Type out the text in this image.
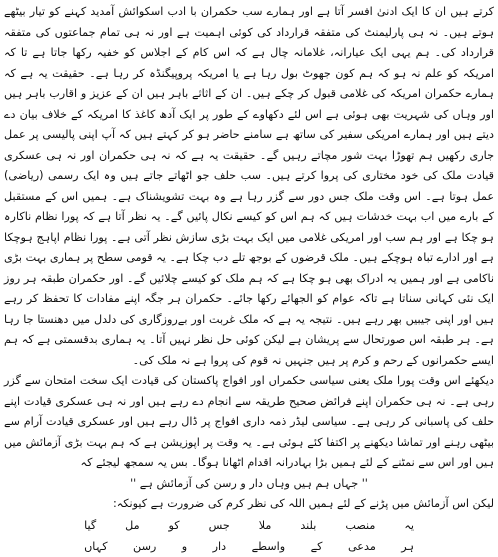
کرتے ہیں ان کا ایک ادنیٰ افسر آتا ہے اور ہمارے سب حکمران با ادب اسکوائش آمدید کہنے کو تیار بیٹھے ہوتے ہیں۔ نہ ہی پارلیمنٹ کی متفقہ قرارداد کی کوئی اہمیت ہے اور نہ ہی تمام جماعتوں کی متفقہ قرارداد کی۔ ہم یہی ایک عیارانہ، غلامانہ چال ہے کہ اس کام کے اجلاس کو خفیہ رکھا جاتا ہے تا کہ امریکہ کو علم نہ ہو کہ ہم کون جھوٹ بول رہا ہے یا امریکہ پروپیگنڈہ کر رہا ہے۔ حقیقت یہ ہے کہ ہمارے حکمران امریکہ کی غلامی قبول کر چکے ہیں۔ ان کے اثاثے باہر ہیں ان کے عزیز و اقارب باہر ہیں اور وہاں کی شہریت بھی ہوئی ہے اس لئے دکھاوے کے طور پر ایک آدھ کاغذ کا امریکہ کے خلاف بیان دے دیتے ہیں اور ہمارے امریکی سفیر کی ساتھ ہے سامنے حاضر ہو کر کہتے ہیں کہ آپ اپنی پالیسی پر عمل جاری رکھیں ہم تھوڑا بہت شور مچاتے رہیں گے۔ حقیقت یہ ہے کہ نہ ہی حکمران اور نہ ہی عسکری قیادت ملک کی خود مختاری کی پروا کرتے ہیں۔ سب حلف جو اٹھاتے جاتے ہیں وہ ایک رسمی (ریاضی) عمل ہوتا ہے۔ اس وقت ملک جس دور سے گزر رہا ہے وہ بہت تشویشناک ہے۔ ہمیں اس کے مستقبل کے بارے میں اب بہت خدشات ہیں کہ ہم اس کو کیسے نکال پائیں گے۔ یہ نظر آتا ہے کہ پورا نظام ناکارہ ہو چکا ہے اور ہم سب اور امریکی غلامی میں ایک بہت بڑی سازش نظر آتی ہے۔ پورا نظام اپاہج ہوچکا ہے اور ادارے تباہ ہوچکے ہیں۔ ملک قرضوں کے بوجھ تلے دب چکا ہے۔ یہ قومی سطح پر ہماری بہت بڑی ناکامی ہے اور ہمیں یہ ادراک بھی ہو چکا ہے کہ ہم ملک کو کیسے چلائیں گے۔ اور حکمران طبقہ ہر روز ایک نئی کہانی سناتا ہے تاکہ عوام کو الجھائے رکھا جائے۔ حکمران ہر جگہ اپنے مفادات کا تحفظ کر رہے ہیں اور اپنی جیبیں بھر رہے ہیں۔ نتیجہ یہ ہے کہ ملک غربت اور بےروزگاری کی دلدل میں دھنستا جا رہا ہے۔ ہر طبقہ اس صورتحال سے پریشان ہے لیکن کوئی حل نظر نہیں آتا۔ یہ ہماری بدقسمتی ہے کہ ہم ایسے حکمرانوں کے رحم و کرم پر ہیں جنہیں نہ قوم کی پروا ہے نہ ملک کی۔

دیکھئے اس وقت پورا ملک یعنی سیاسی حکمراں اور افواج پاکستان کی قیادت ایک سخت امتحان سے گزر رہی ہے۔ نہ ہی حکمران اپنے فرائض صحیح طریقہ سے انجام دے رہے ہیں اور نہ ہی عسکری قیادت اپنے حلف کی پاسبانی کر رہی ہے۔ سیاسی لیڈر ذمہ داری افواج پر ڈال رہے ہیں اور عسکری قیادت آرام سے بیٹھی رہنے اور تماشا دیکھنے پر اکتفا کئے ہوئی ہے۔ یہ وقت پر اپوزیشن ہے کہ ہم بہت بڑی آزمائش میں ہیں اور اس سے نمٹنے کے لئے ہمیں بڑا بہادرانہ اقدام اٹھانا ہوگا۔ بس یہ سمجھ لیجئے کہ

'' جہاں ہم ہیں وہاں دار و رسن کی آزمائش ہے ''

لیکن اس آزمائش میں پڑنے کے لئے ہمیں اللہ کی نظر کرم کی ضرورت ہے کیونکہ:

یہ
منصب
بلند
ملا
جس
کو
مل
گیا
ہر
مدعی
کے
واسطے
دار
و
رسن
کہاں
